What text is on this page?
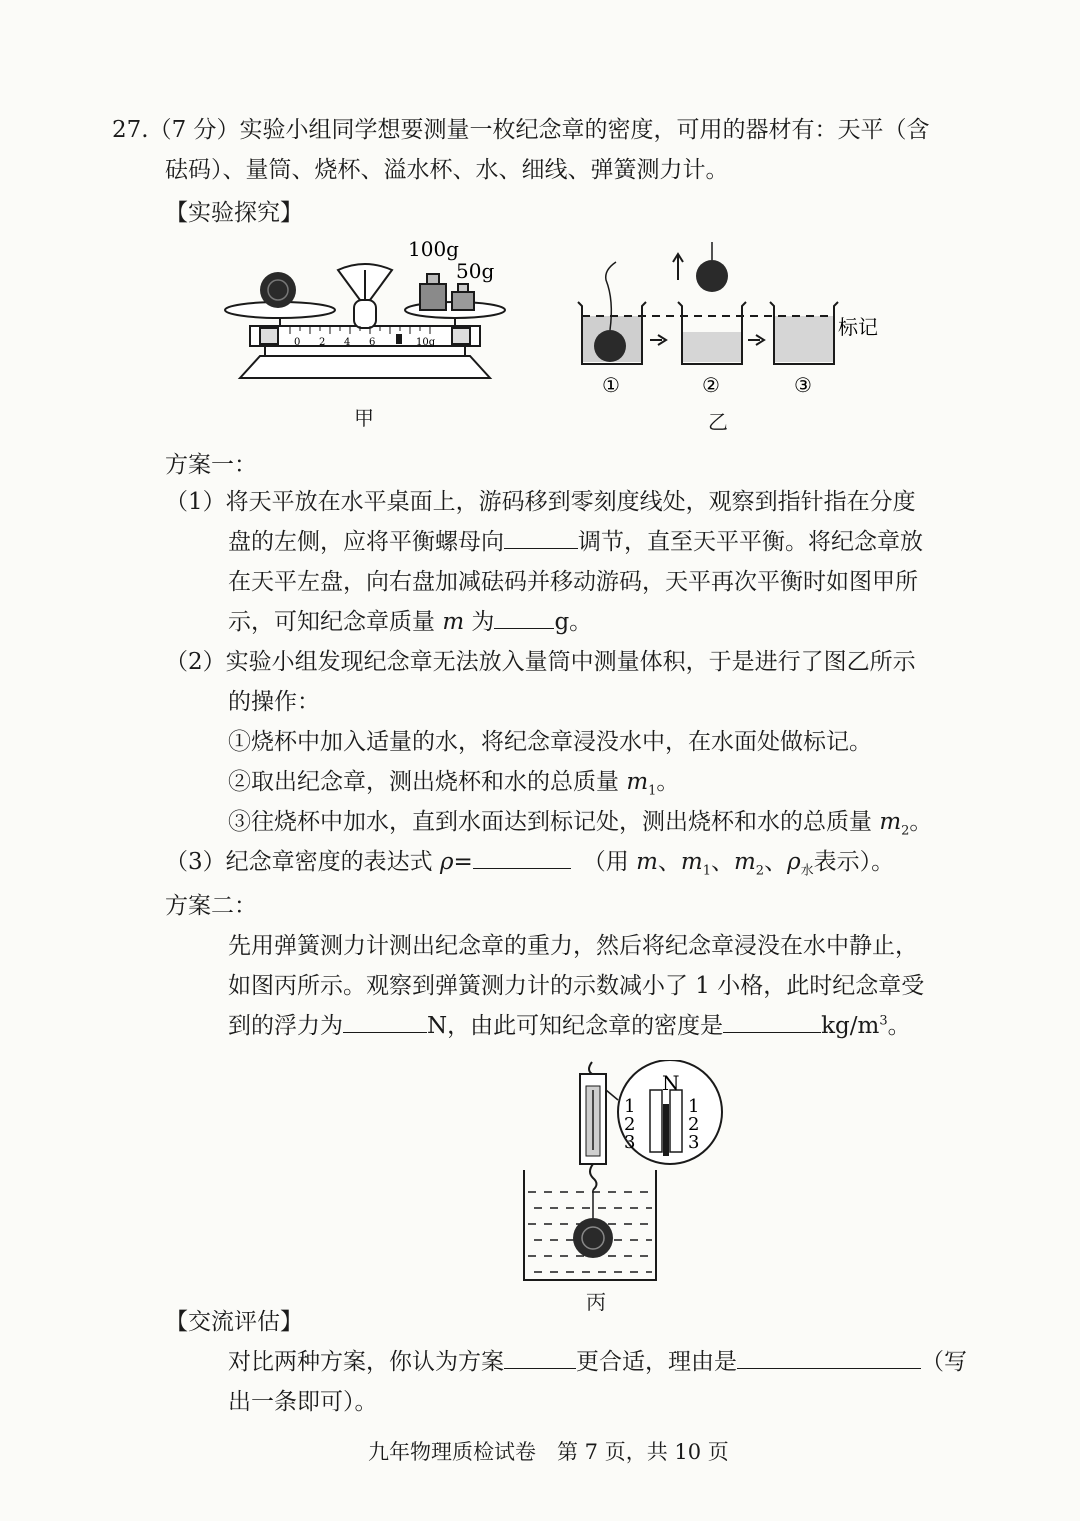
27.（7 分）实验小组同学想要测量一枚纪念章的密度，可用的器材有：天平（含
砝码）、量筒、烧杯、溢水杯、水、细线、弹簧测力计。
【实验探究】
0 2 4 6	10g
100g
50g
甲
标记
①	②	③
乙
方案一：
（1）将天平放在水平桌面上，游码移到零刻度线处，观察到指针指在分度
盘的左侧，应将平衡螺母向	调节，直至天平平衡。将纪念章放
在天平左盘，向右盘加减砝码并移动游码，天平再次平衡时如图甲所
示，可知纪念章质量 m 为	g。
（2）实验小组发现纪念章无法放入量筒中测量体积，于是进行了图乙所示
的操作：
①烧杯中加入适量的水，将纪念章浸没水中，在水面处做标记。
②取出纪念章，测出烧杯和水的总质量 $m_1$。
③往烧杯中加水，直到水面达到标记处，测出烧杯和水的总质量 $m_2$。
（3）纪念章密度的表达式 ρ=	（用 m、$m_1$、$m_2$、$\rho_水$表示）。
方案二：
先用弹簧测力计测出纪念章的重力，然后将纪念章浸没在水中静止，
如图丙所示。观察到弹簧测力计的示数减小了 1 小格，此时纪念章受
到的浮力为	N，由此可知纪念章的密度是	$kg/m^3$。
N
1
2
3
1
2
3
丙
【交流评估】
对比两种方案，你认为方案	更合适，理由是	（写
出一条即可）。
九年物理质检试卷　第 7 页，共 10 页
